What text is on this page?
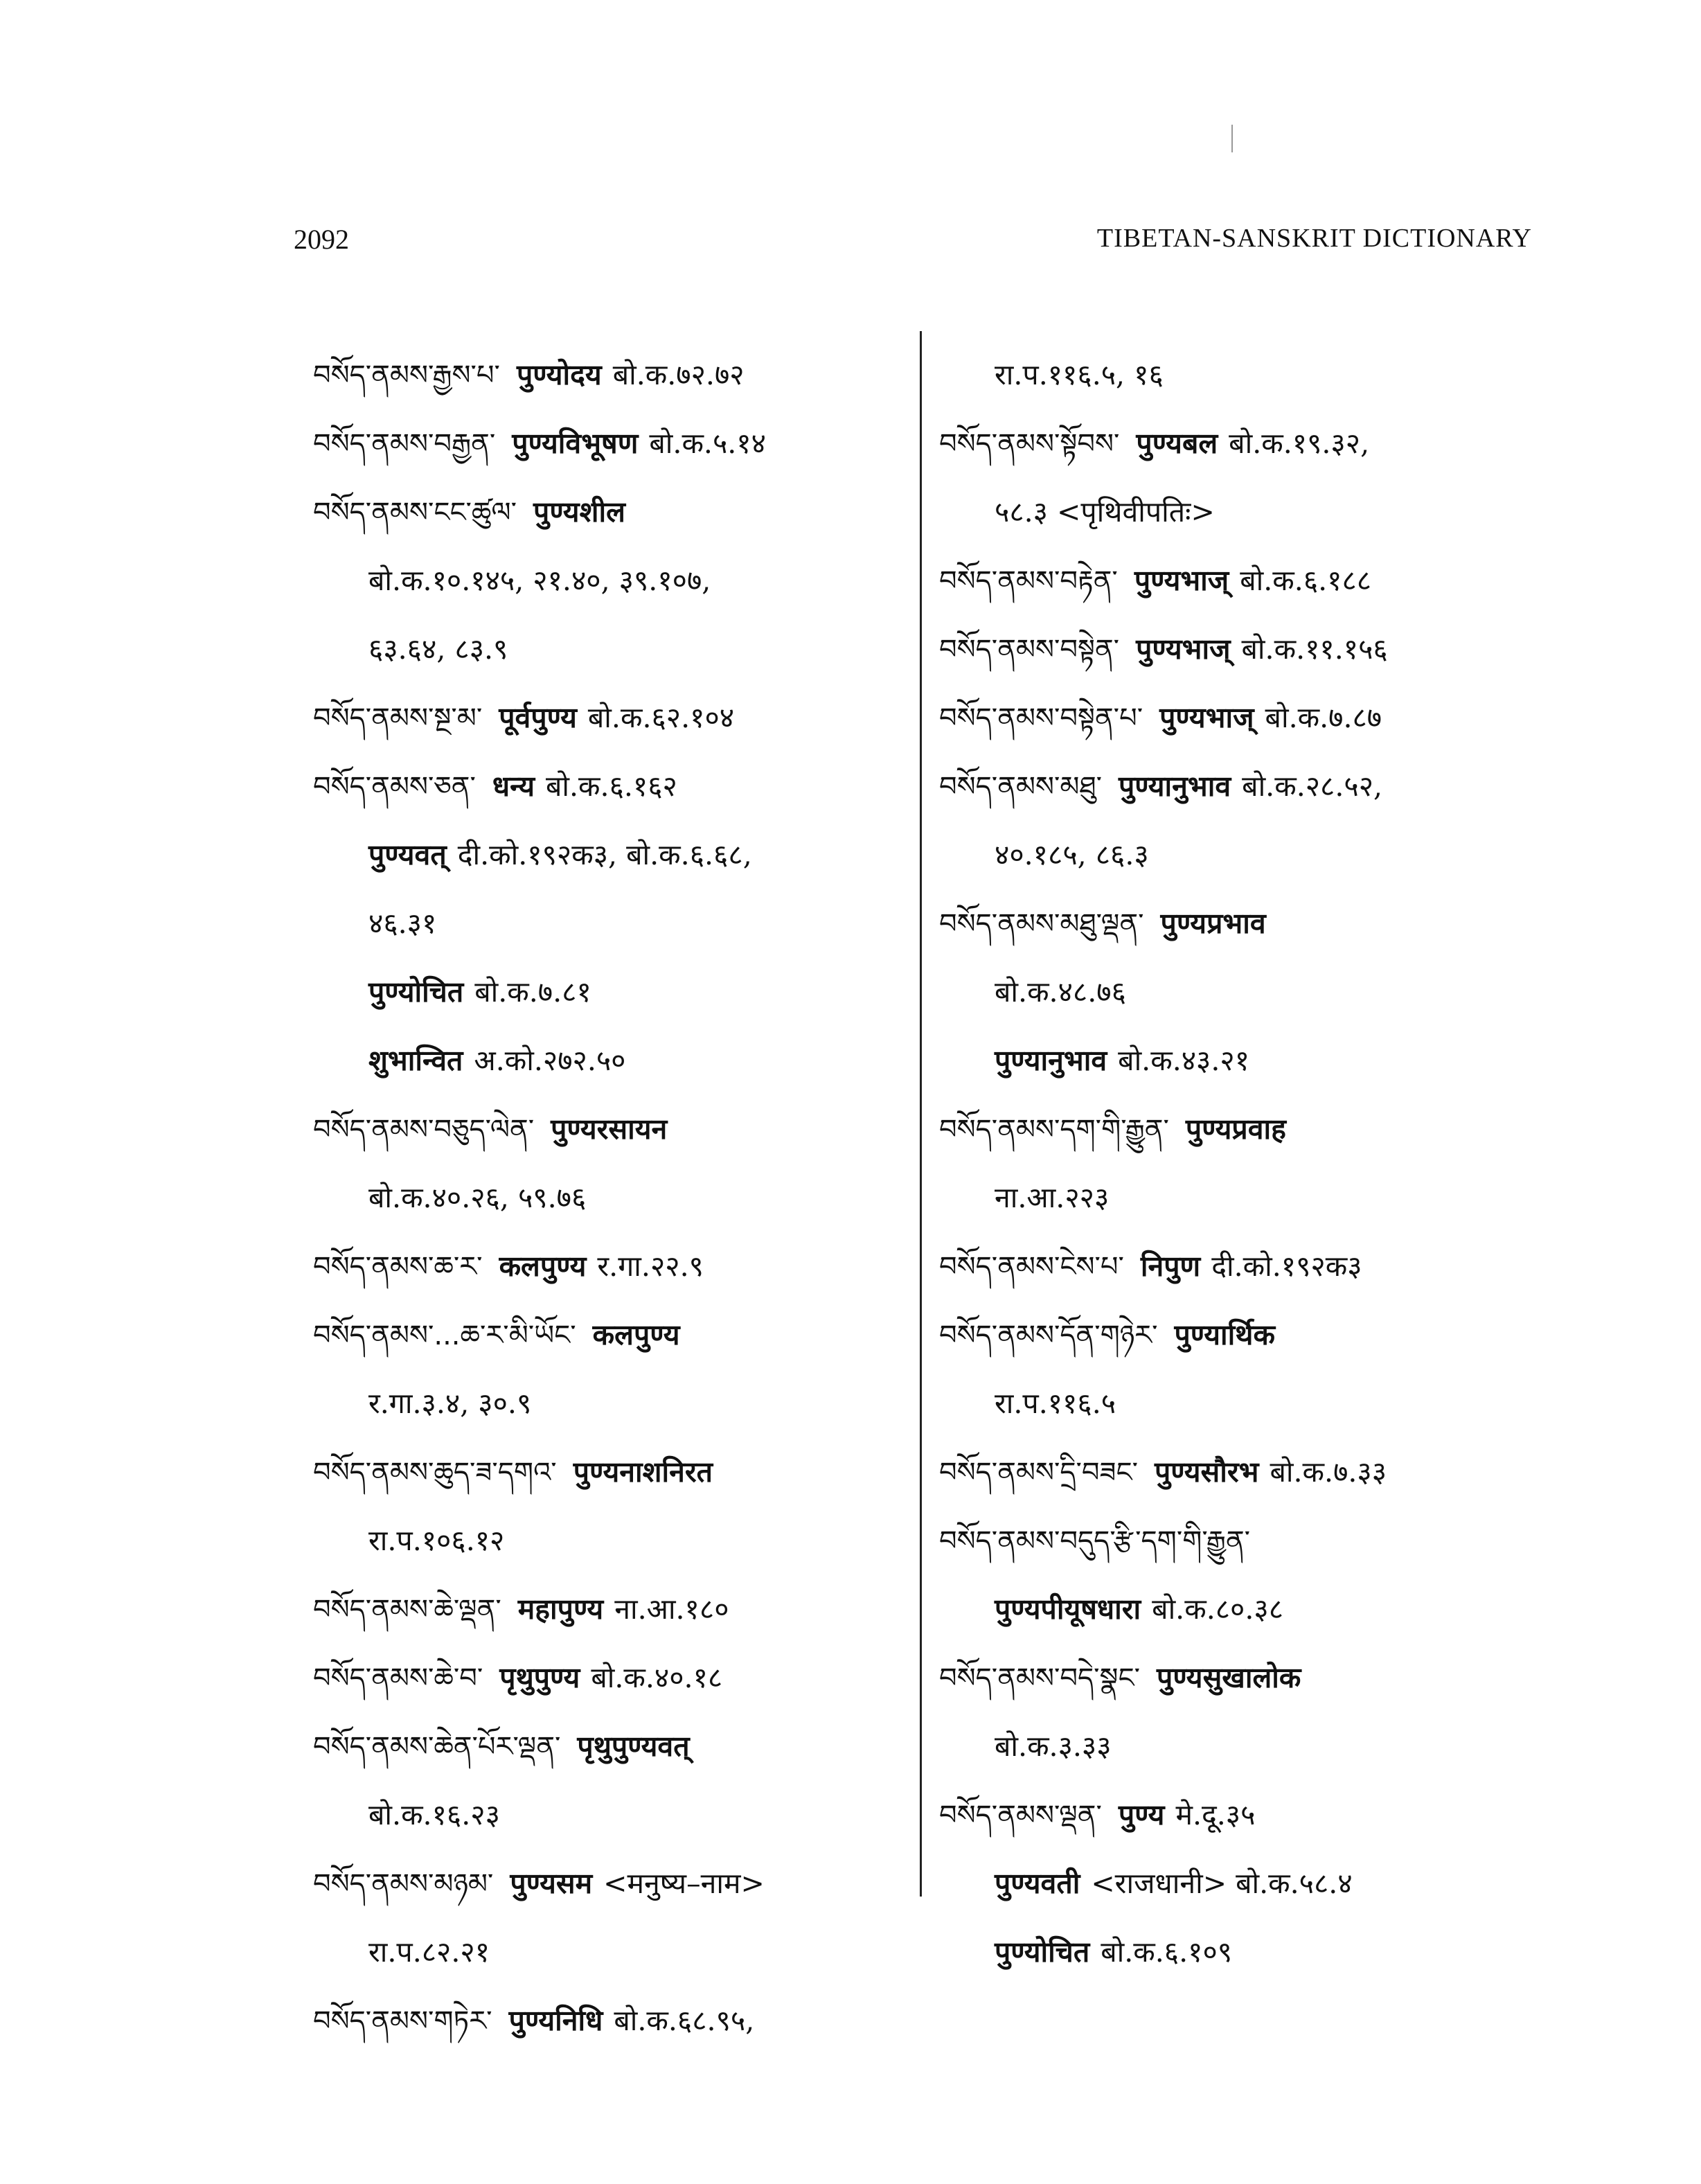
2092	TIBETAN-SANSKRIT DICTIONARY
བསོད་ནམས་རྒྱས་པ་ पुण्योदय बो.क.७२.७२
བསོད་ནམས་བརྒྱན་ पुण्यविभूषण बो.क.५.१४
བསོད་ནམས་ངང་ཚུལ་ पुण्यशील
बो.क.१०.१४५, २१.४०, ३९.१०७,
६३.६४, ८३.९
བསོད་ནམས་སྔ་མ་ पूर्वपुण्य बो.क.६२.१०४
བསོད་ནམས་ཅན་ धन्य बो.क.६.१६२
पुण्यवत् दी.को.१९२क३, बो.क.६.६८,
४६.३१
पुण्योचित बो.क.७.८१
शुभान्वित अ.को.२७२.५०
བསོད་ནམས་བཅུད་ལེན་ पुण्यरसायन
बो.क.४०.२६, ५९.७६
བསོད་ནམས་ཆ་ར་ कलपुण्य र.गा.२२.९
བསོད་ནམས་...ཆ་ར་མི་ཡོང་ कलपुण्य
र.गा.३.४, ३०.९
བསོད་ནམས་ཆུད་ཟ་དགའ་ पुण्यनाशनिरत
रा.प.१०६.१२
བསོད་ནམས་ཆེ་ལྡན་ महापुण्य ना.आ.१८०
བསོད་ནམས་ཆེ་བ་ पृथुपुण्य बो.क.४०.१८
བསོད་ནམས་ཆེན་པོར་ལྡན་ पृथुपुण्यवत्
बो.क.१६.२३
བསོད་ནམས་མཉམ་ पुण्यसम <मनुष्य–नाम>
रा.प.८२.२१
བསོད་ནམས་གཏེར་ पुण्यनिधि बो.क.६८.९५,
रा.प.११६.५, १६
བསོད་ནམས་སྟོབས་ पुण्यबल बो.क.१९.३२,
५८.३ <पृथिवीपतिः>
བསོད་ནམས་བརྟེན་ पुण्यभाज् बो.क.६.१८८
བསོད་ནམས་བསྟེན་ पुण्यभाज् बो.क.११.१५६
བསོད་ནམས་བསྟེན་པ་ पुण्यभाज् बो.क.७.८७
བསོད་ནམས་མཐུ་ पुण्यानुभाव बो.क.२८.५२,
४०.१८५, ८६.३
བསོད་ནམས་མཐུ་ལྡན་ पुण्यप्रभाव
बो.क.४८.७६
पुण्यानुभाव बो.क.४३.२१
བསོད་ནམས་དག་གི་རྒྱུན་ पुण्यप्रवाह
ना.आ.२२३
བསོད་ནམས་ངེས་པ་ निपुण दी.को.१९२क३
བསོད་ནམས་དོན་གཉེར་ पुण्यार्थिक
रा.प.११६.५
བསོད་ནམས་དྲི་བཟང་ पुण्यसौरभ बो.क.७.३३
བསོད་ནམས་བདུད་རྩི་དག་གི་རྒྱུན་
पुण्यपीयूषधारा बो.क.८०.३८
བསོད་ནམས་བདེ་སྣང་ पुण्यसुखालोक
बो.क.३.३३
བསོད་ནམས་ལྡན་ पुण्य मे.दू.३५
पुण्यवती <राजधानी> बो.क.५८.४
पुण्योचित बो.क.६.१०९
